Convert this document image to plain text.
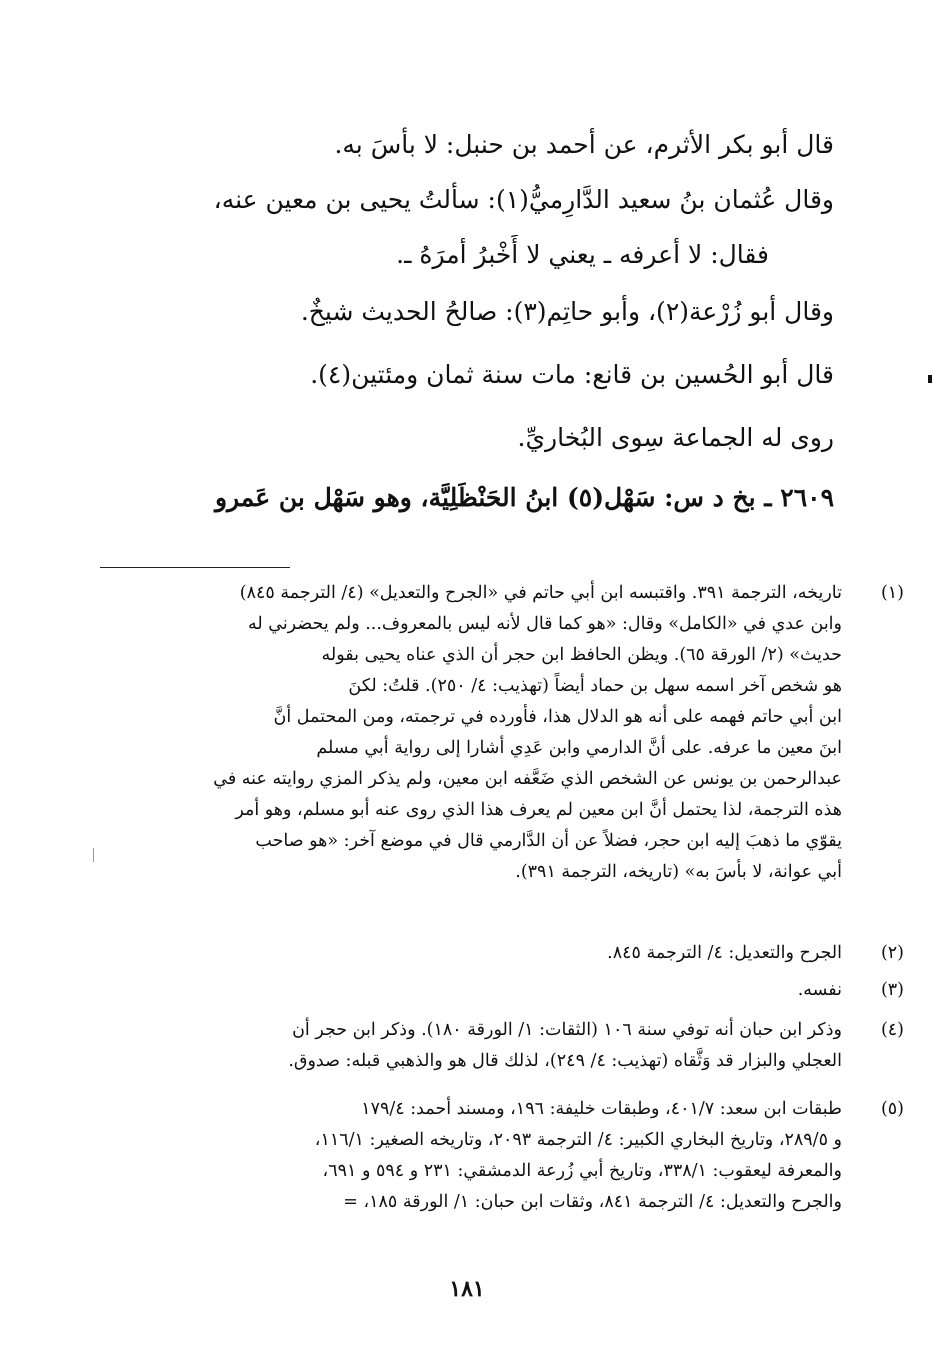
قال أبو بكر الأثرم، عن أحمد بن حنبل: لا بأسَ به.
وقال عُثمان بنُ سعيد الدَّارِميُّ(١): سألتُ يحيى بن معين عنه،
فقال: لا أعرفه ـ يعني لا أَخْبرُ أمرَهُ ـ.
وقال أبو زُرْعة(٢)، وأبو حاتِم(٣): صالحُ الحديث شيخٌ.
قال أبو الحُسين بن قانع: مات سنة ثمان ومئتين(٤).
روى له الجماعة سِوى البُخاريِّ.
٢٦٠٩ ـ بخ د س: سَهْل(٥) ابنُ الحَنْظَلِيَّة، وهو سَهْل بن عَمرو
(١)
تاريخه، الترجمة ٣٩١. واقتبسه ابن أبي حاتم في «الجرح والتعديل» (٤/ الترجمة ٨٤٥)
وابن عدي في «الكامل» وقال: «هو كما قال لأنه ليس بالمعروف... ولم يحضرني له
حديث» (٢/ الورقة ٦٥). ويظن الحافظ ابن حجر أن الذي عناه يحيى بقوله
هو شخص آخر اسمه سهل بن حماد أيضاً (تهذيب: ٤/ ٢٥٠). قلتُ: لكنَ
ابن أبي حاتم فهمه على أنه هو الدلال هذا، فأورده في ترجمته، ومن المحتمل أنَّ
ابنَ معين ما عرفه. على أنَّ الدارمي وابن عَدِي أشارا إلى رواية أبي مسلم
عبدالرحمن بن يونس عن الشخص الذي ضَعَّفه ابن معين، ولم يذكر المزي روايته عنه في
هذه الترجمة، لذا يحتمل أنَّ ابن معين لم يعرف هذا الذي روى عنه أبو مسلم، وهو أمر
يقوّي ما ذهبَ إليه ابن حجر، فضلاً عن أن الدَّارمي قال في موضع آخر: «هو صاحب
أبي عوانة، لا بأسَ به» (تاريخه، الترجمة ٣٩١).
(٢)
الجرح والتعديل: ٤/ الترجمة ٨٤٥.
(٣)
نفسه.
(٤)
وذكر ابن حبان أنه توفي سنة ١٠٦ (الثقات: ١/ الورقة ١٨٠). وذكر ابن حجر أن
العجلي والبزار قد وَثَّقاه (تهذيب: ٤/ ٢٤٩)، لذلك قال هو والذهبي قبله: صدوق.
(٥)
طبقات ابن سعد: ٤٠١/٧، وطبقات خليفة: ١٩٦، ومسند أحمد: ١٧٩/٤
و ٢٨٩/٥، وتاريخ البخاري الكبير: ٤/ الترجمة ٢٠٩٣، وتاريخه الصغير: ١١٦/١،
والمعرفة ليعقوب: ٣٣٨/١، وتاريخ أبي زُرعة الدمشقي: ٢٣١ و ٥٩٤ و ٦٩١،
والجرح والتعديل: ٤/ الترجمة ٨٤١، وثقات ابن حبان: ١/ الورقة ١٨٥، =
١٨١
